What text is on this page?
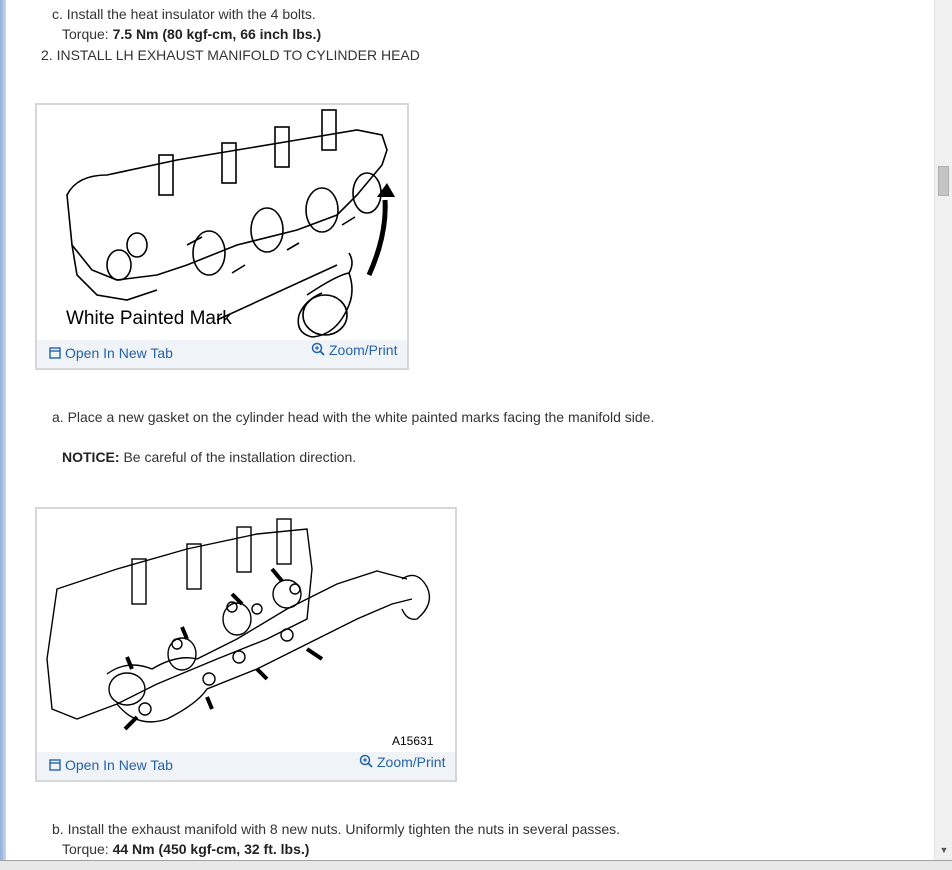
c. Install the heat insulator with the 4 bolts.
Torque: 7.5 Nm (80 kgf-cm, 66 inch lbs.)
2. INSTALL LH EXHAUST MANIFOLD TO CYLINDER HEAD
White Painted Mark
Open In New Tab	Zoom/Print
a. Place a new gasket on the cylinder head with the white painted marks facing the manifold side.
NOTICE: Be careful of the installation direction.
A15631
Open In New Tab	Zoom/Print
b. Install the exhaust manifold with 8 new nuts. Uniformly tighten the nuts in several passes.
Torque: 44 Nm (450 kgf-cm, 32 ft. lbs.)	▼
